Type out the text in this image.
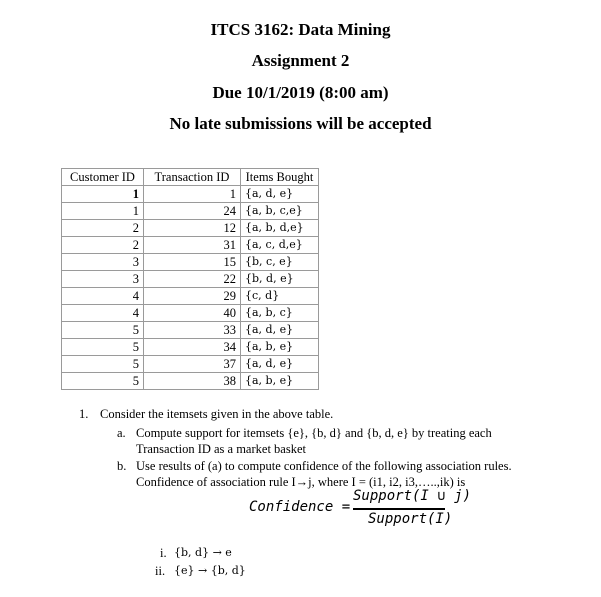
ITCS 3162: Data Mining
Assignment 2
Due 10/1/2019 (8:00 am)
No late submissions will be accepted
Customer ID	Transaction ID	Items Bought
1	1	{a, d, e}
1	24	{a, b, c,e}
2	12	{a, b, d,e}
2	31	{a, c, d,e}
3	15	{b, c, e}
3	22	{b, d, e}
4	29	{c, d}
4	40	{a, b, c}
5	33	{a, d, e}
5	34	{a, b, e}
5	37	{a, d, e}
5	38	{a, b, e}
1. Consider the itemsets given in the above table.
a. Compute support for itemsets {e}, {b, d} and {b, d, e} by treating each
Transaction ID as a market basket
b. Use results of (a) to compute confidence of the following association rules.
Confidence of association rule I→j, where I = (i1, i2, i3,…..,ik) is
Confidence =
Support(I ∪ j)
Support(I)
i. {b, d} → e
ii. {e} → {b, d}
